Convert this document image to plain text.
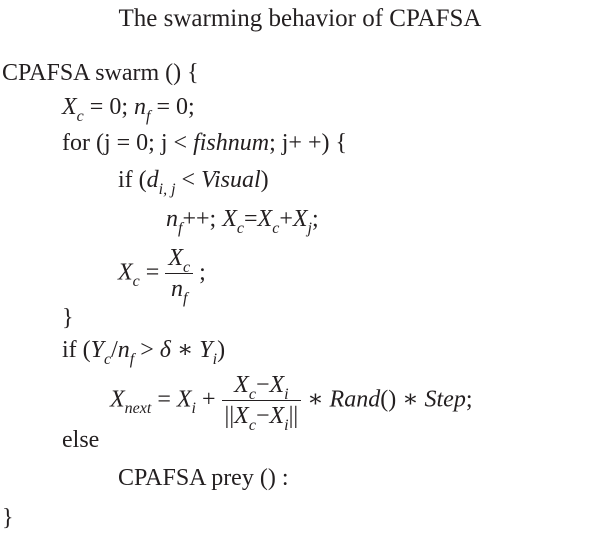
The swarming behavior of CPAFSA
CPAFSA swarm () {
$X_c = 0$; $n_f = 0$;
for (j = 0; j < fishnum; j+ +) {
if ($d_{i, j}$ < Visual)
$n_f++$; $X_c=X_c+X_j$;
$X_c = \frac{X_c}{n_f}$ ;
}
if ($Y_c/n_f > \delta$ ∗ $Y_i$)
$X_{next} = X_i + \frac{X_c-X_i}{||X_c-X_i||}$ ∗ Rand() ∗ Step;
else
CPAFSA prey () :
}
